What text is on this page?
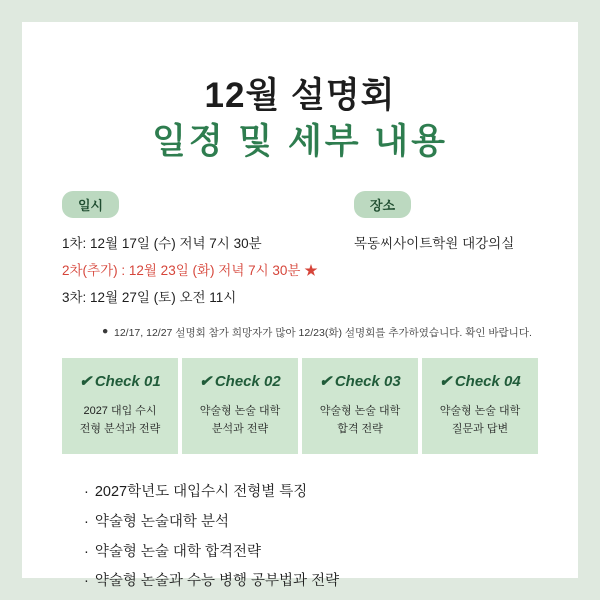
12월 설명회
일정 및 세부 내용
일시
1차: 12월 17일 (수) 저녁 7시 30분
2차(추가) : 12월 23일 (화) 저녁 7시 30분 ★
3차: 12월 27일 (토) 오전 11시
장소
목동씨사이트학원 대강의실
● 12/17, 12/27 설명회 참가 희망자가 많아 12/23(화) 설명회를 추가하였습니다. 확인 바랍니다.
✔ Check 01
2027 대입 수시
전형 분석과 전략
✔ Check 02
약술형 논술 대학
분석과 전략
✔ Check 03
약술형 논술 대학
합격 전략
✔ Check 04
약술형 논술 대학
질문과 답변
· 2027학년도 대입수시 전형별 특징
· 약술형 논술대학 분석
· 약술형 논술 대학 합격전략
· 약술형 논술과 수능 병행 공부법과 전략
